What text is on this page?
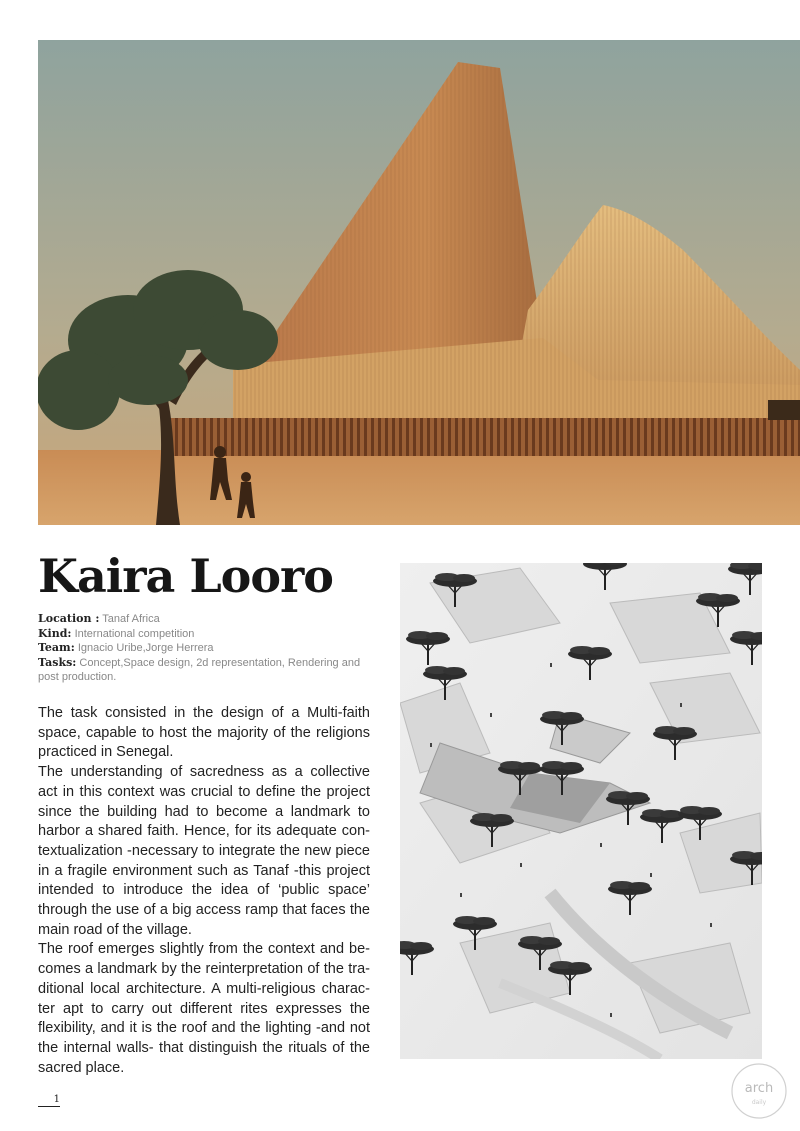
Kaira Looro
Location : Tanaf Africa
Kind: International competition
Team: Ignacio Uribe,Jorge Herrera
Tasks: Concept,Space design, 2d representation, Rendering and post production.

The task consisted in the design of a Multi-faith space, capable to host the majority of the religions practiced in Senegal.

The understanding of sacredness as a collective act in this context was crucial to define the project since the building had to become a landmark to harbor a shared faith. Hence, for its adequate con-textualization -necessary to integrate the new piece in a fragile environment such as Tanaf -this project intended to introduce the idea of ‘public space’ through the use of a big access ramp that faces the main road of the village.

The roof emerges slightly from the context and be-comes a landmark by the reinterpretation of the tra-ditional local architecture. A multi-religious charac-ter apt to carry out different rites expresses the flexibility, and it is the roof and the lighting -and not the internal walls- that distinguish the rituals of the sacred place.

1
arch
daily
